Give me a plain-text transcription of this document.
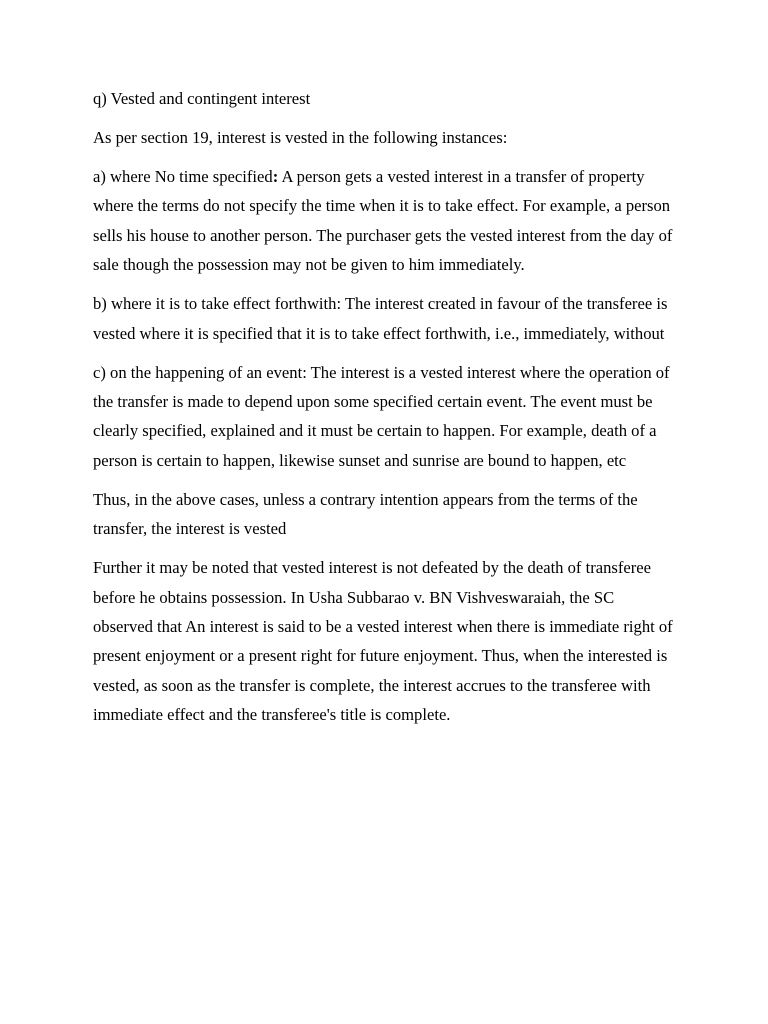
q) Vested and contingent interest

As per section 19, interest is vested in the following instances:

a) where No time specified: A person gets a vested interest in a transfer of property where the terms do not specify the time when it is to take effect. For example, a person sells his house to another person. The purchaser gets the vested interest from the day of sale though the possession may not be given to him immediately.

b) where it is to take effect forthwith: The interest created in favour of the transferee is vested where it is specified that it is to take effect forthwith, i.e., immediately, without

c) on the happening of an event: The interest is a vested interest where the operation of the transfer is made to depend upon some specified certain event. The event must be clearly specified, explained and it must be certain to happen. For example, death of a person is certain to happen, likewise sunset and sunrise are bound to happen, etc

Thus, in the above cases, unless a contrary intention appears from the terms of the transfer, the interest is vested

Further it may be noted that vested interest is not defeated by the death of transferee before he obtains possession. In Usha Subbarao v. BN Vishveswaraiah, the SC observed that An interest is said to be a vested interest when there is immediate right of present enjoyment or a present right for future enjoyment. Thus, when the interested is vested, as soon as the transfer is complete, the interest accrues to the transferee with immediate effect and the transferee's title is complete.
